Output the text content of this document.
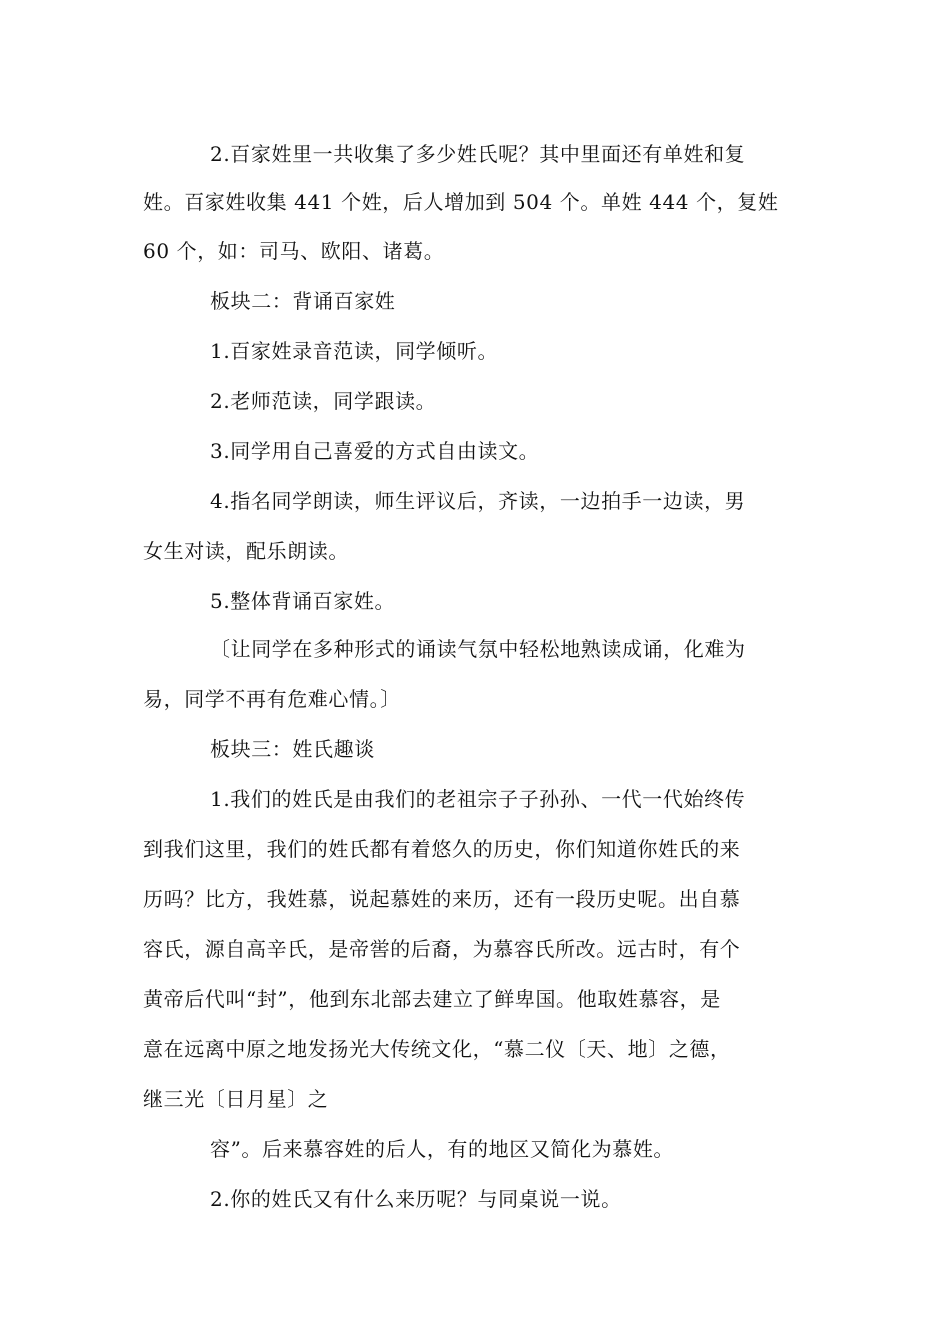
2.百家姓里一共收集了多少姓氏呢？其中里面还有单姓和复
姓。百家姓收集 441 个姓，后人增加到 504 个。单姓 444 个，复姓
60 个，如：司马、欧阳、诸葛。
板块二：背诵百家姓
1.百家姓录音范读，同学倾听。
2.老师范读，同学跟读。
3.同学用自己喜爱的方式自由读文。
4.指名同学朗读，师生评议后，齐读，一边拍手一边读，男
女生对读，配乐朗读。
5.整体背诵百家姓。
〔让同学在多种形式的诵读气氛中轻松地熟读成诵，化难为
易，同学不再有危难心情。〕
板块三：姓氏趣谈
1.我们的姓氏是由我们的老祖宗子子孙孙、一代一代始终传
到我们这里，我们的姓氏都有着悠久的历史，你们知道你姓氏的来
历吗？比方，我姓慕，说起慕姓的来历，还有一段历史呢。出自慕
容氏，源自高辛氏，是帝喾的后裔，为慕容氏所改。远古时，有个
黄帝后代叫“封”，他到东北部去建立了鲜卑国。他取姓慕容，是
意在远离中原之地发扬光大传统文化，“慕二仪〔天、地〕之德，
继三光〔日月星〕之
容”。后来慕容姓的后人，有的地区又简化为慕姓。
2.你的姓氏又有什么来历呢？与同桌说一说。
